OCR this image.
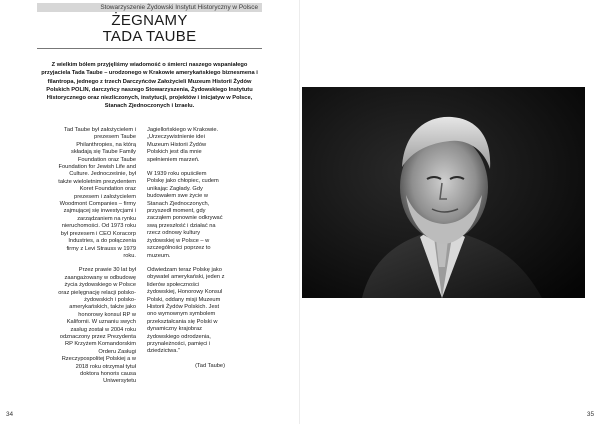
Stowarzyszenie Żydowski Instytut Historyczny w Polsce
ŻEGNAMY
TADA TAUBE
Z wielkim bólem przyjęliśmy wiadomość o śmierci naszego wspaniałego przyjaciela Tada Taube – urodzonego w Krakowie amerykańskiego biznesmena i filantropa, jednego z trzech Darczyńców Założycieli Muzeum Historii Żydów Polskich POLIN, darczyńcy naszego Stowarzyszenia, Żydowskiego Instytutu Historycznego oraz niezliczonych, instytucji, projektów i inicjatyw w Polsce, Stanach Zjednoczonych i Izraelu.

Tad Taube był założycielem i prezesem Taube Philanthropies, na którą składają się Taube Family Foundation oraz Taube Foundation for Jewish Life and Culture. Jednocześnie, był także wieloletnim prezydentem Koret Foundation oraz prezesem i założycielem Woodmont Companies – firmy zajmującej się inwestycjami i zarządzaniem na rynku nieruchomości. Od 1973 roku był prezesem i CEO Koracorp Industries, a do połączenia firmy z Levi Strauss w 1979 roku.

Przez prawie 30 lat był zaangażowany w odbudowę życia żydowskiego w Polsce oraz pielęgnację relacji polsko-żydowskich i polsko-amerykańskich, także jako honorowy konsul RP w Kalifornii. W uznaniu swych zasług został w 2004 roku odznaczony przez Prezydenta RP Krzyżem Komandorskim Orderu Zasługi Rzeczypospolitej Polskiej a w 2018 roku otrzymał tytuł doktora honoris causa Uniwersytetu

Jagiellońskiego w Krakowie. „Urzeczywistnienie idei Muzeum Historii Żydów Polskich jest dla mnie spełnieniem marzeń.

W 1939 roku opuściłem Polskę jako chłopiec, cudem unikając Zagłady. Gdy budowałem swe życie w Stanach Zjednoczonych, przyszedł moment, gdy zacząłem ponownie odkrywać swą przeszłość i działać na rzecz odnowy kultury żydowskiej w Polsce – w szczególności poprzez to muzeum.

Odwiedzam teraz Polskę jako obywatel amerykański, jeden z liderów społeczności żydowskiej, Honorowy Konsul Polski, oddany misji Muzeum Historii Żydów Polskich. Jest ono wymownym symbolem przekształcania się Polski w dynamiczny krajobraz żydowskiego odrodzenia, przynależności, pamięci i dziedzictwa.”

(Tad Taube)
34	35
